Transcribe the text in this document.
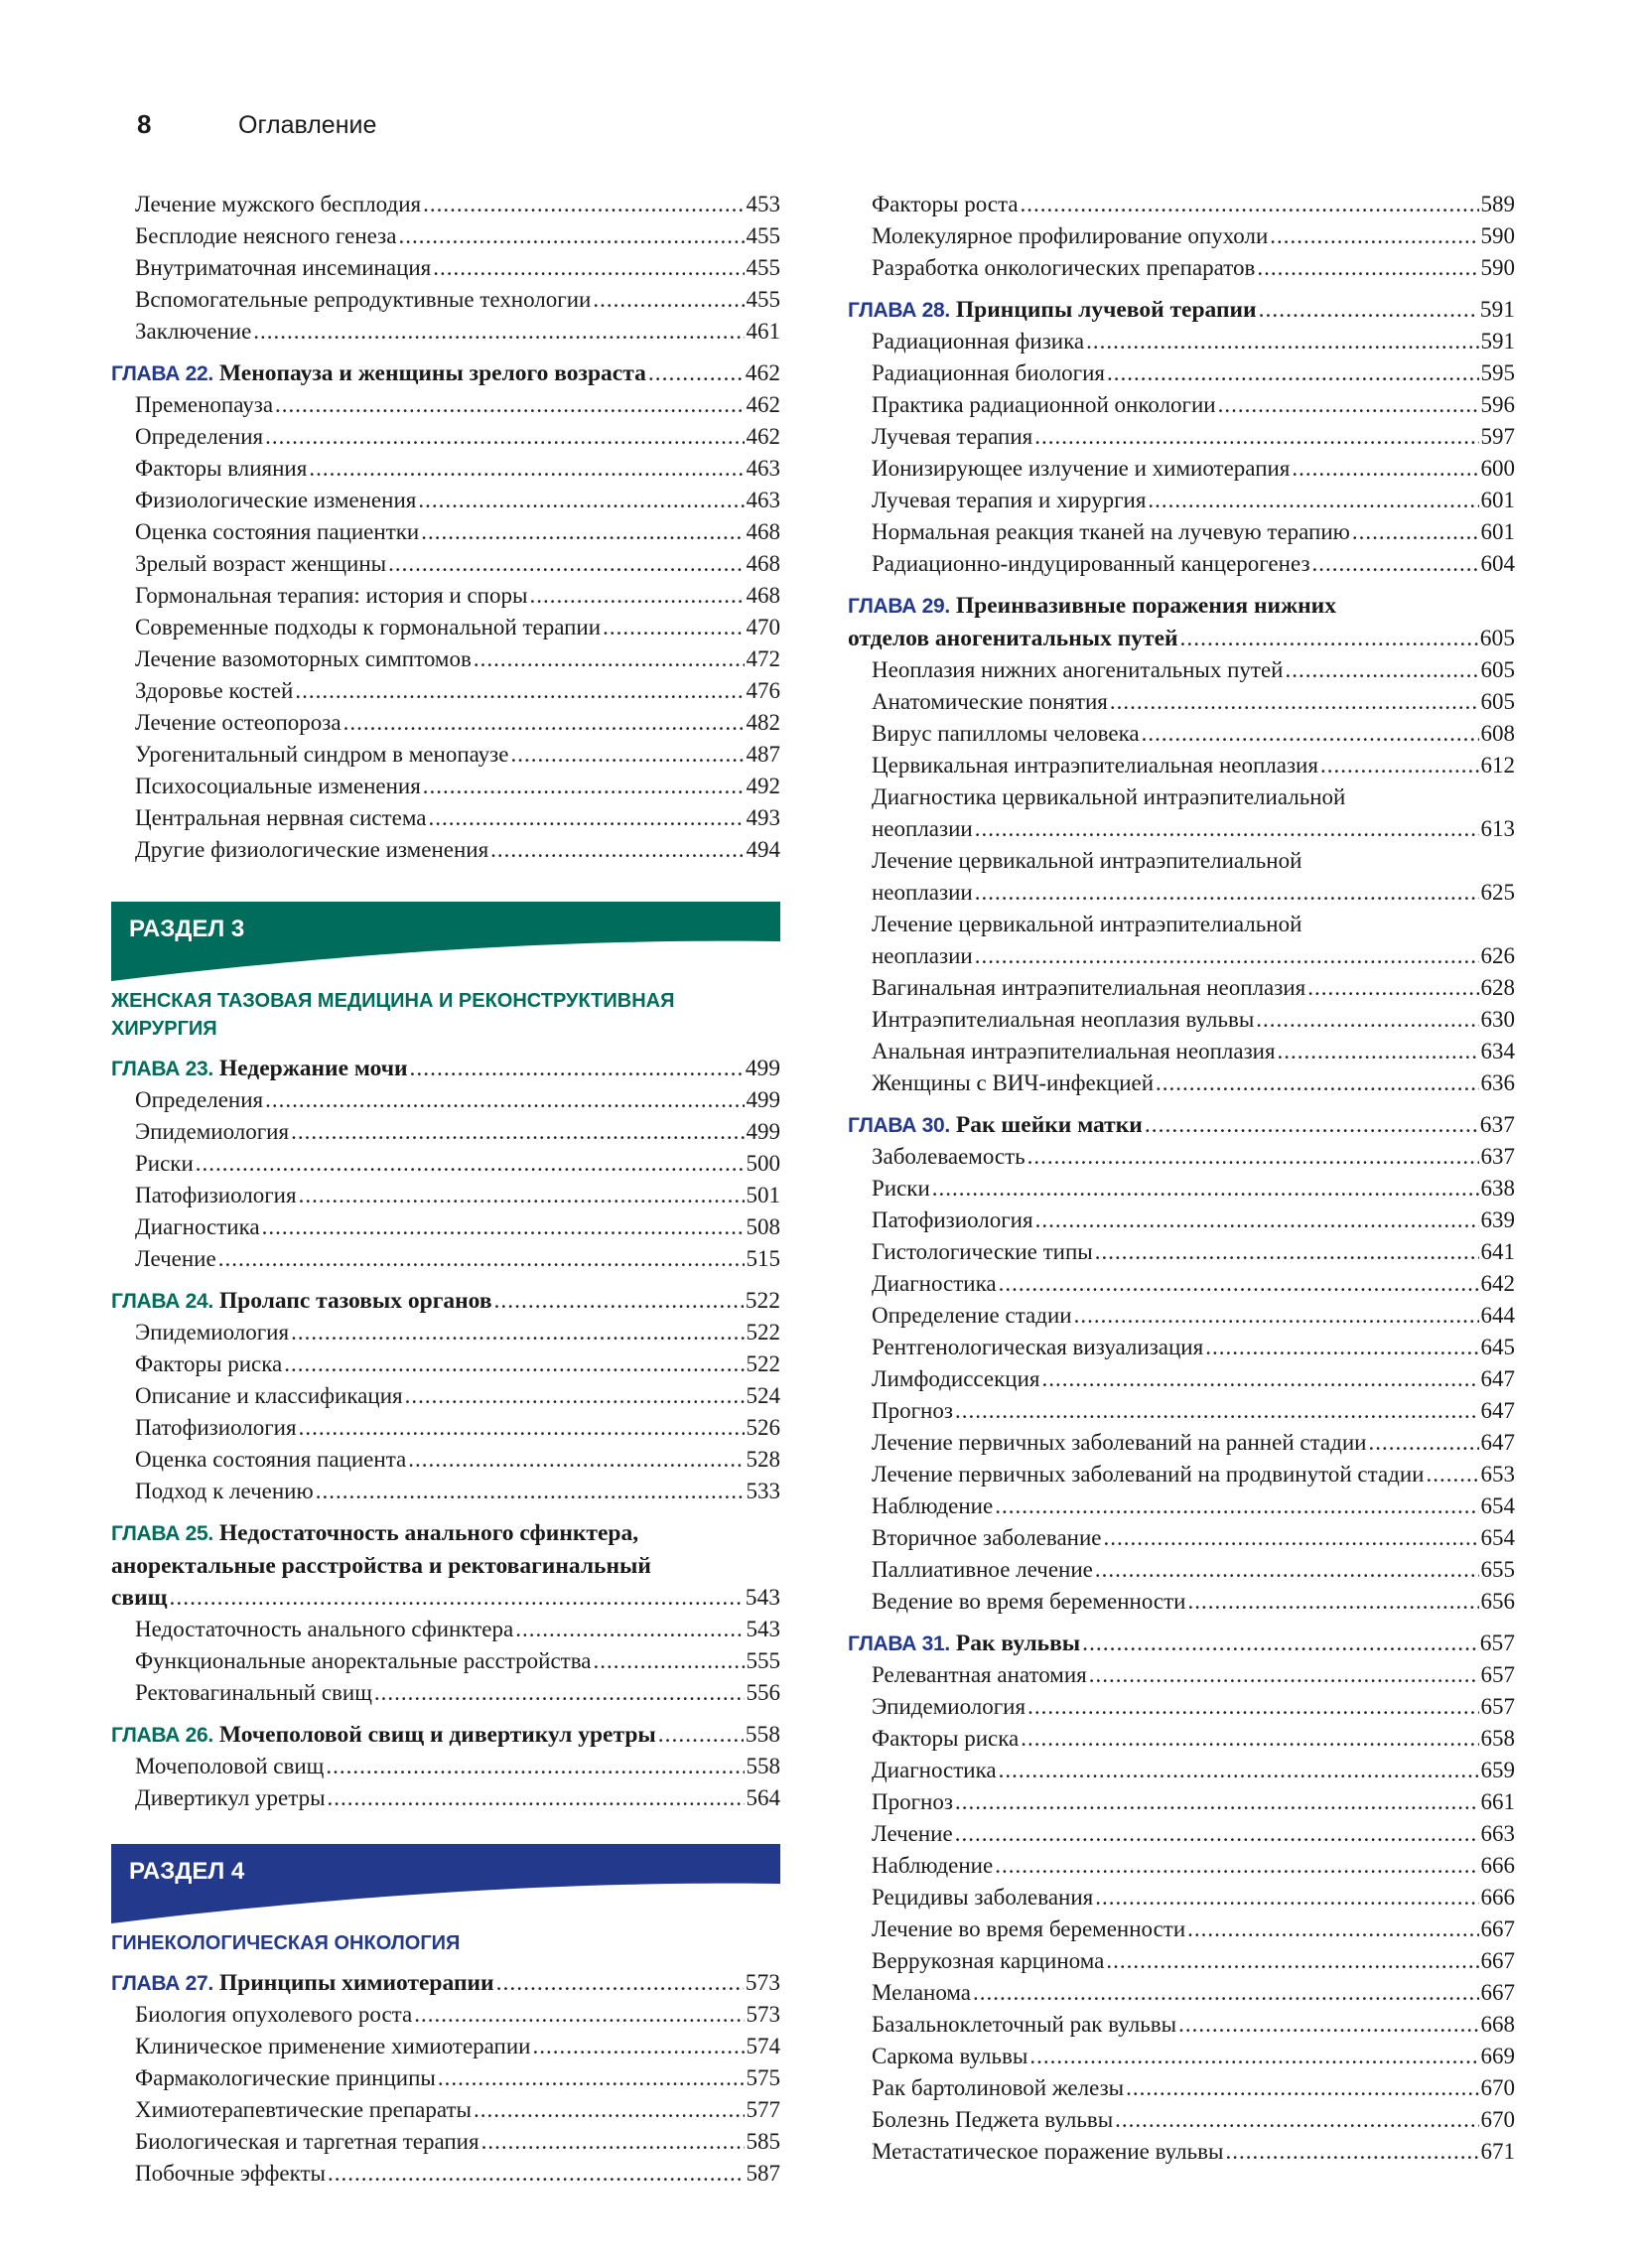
8	Оглавление
Лечение мужского бесплодия .....	453
Бесплодие неясного генеза .....	455
Внутриматочная инсеминация .....	455
Вспомогательные репродуктивные технологии .....	455
Заключение .....	461
ГЛАВА 22. Менопауза и женщины зрелого возраста .....	462
Пременопауза .....	462
Определения .....	462
Факторы влияния .....	463
Физиологические изменения .....	463
Оценка состояния пациентки .....	468
Зрелый возраст женщины .....	468
Гормональная терапия: история и споры .....	468
Современные подходы к гормональной терапии .....	470
Лечение вазомоторных симптомов .....	472
Здоровье костей .....	476
Лечение остеопороза .....	482
Урогенитальный синдром в менопаузе .....	487
Психосоциальные изменения .....	492
Центральная нервная система .....	493
Другие физиологические изменения .....	494
РАЗДЕЛ 3
ЖЕНСКАЯ ТАЗОВАЯ МЕДИЦИНА И РЕКОНСТРУКТИВНАЯ ХИРУРГИЯ
ГЛАВА 23. Недержание мочи .....	499
Определения .....	499
Эпидемиология .....	499
Риски .....	500
Патофизиология .....	501
Диагностика .....	508
Лечение .....	515
ГЛАВА 24. Пролапс тазовых органов .....	522
Эпидемиология .....	522
Факторы риска .....	522
Описание и классификация .....	524
Патофизиология .....	526
Оценка состояния пациента .....	528
Подход к лечению .....	533
ГЛАВА 25. Недостаточность анального сфинктера,
аноректальные расстройства и ректовагинальный
свищ .....	543
Недостаточность анального сфинктера .....	543
Функциональные аноректальные расстройства .....	555
Ректовагинальный свищ .....	556
ГЛАВА 26. Мочеполовой свищ и дивертикул уретры .....	558
Мочеполовой свищ .....	558
Дивертикул уретры .....	564
РАЗДЕЛ 4
ГИНЕКОЛОГИЧЕСКАЯ ОНКОЛОГИЯ
ГЛАВА 27. Принципы химиотерапии .....	573
Биология опухолевого роста .....	573
Клиническое применение химиотерапии .....	574
Фармакологические принципы .....	575
Химиотерапевтические препараты .....	577
Биологическая и таргетная терапия .....	585
Побочные эффекты .....	587
Факторы роста .....	589
Молекулярное профилирование опухоли .....	590
Разработка онкологических препаратов .....	590
ГЛАВА 28. Принципы лучевой терапии .....	591
Радиационная физика .....	591
Радиационная биология .....	595
Практика радиационной онкологии .....	596
Лучевая терапия .....	597
Ионизирующее излучение и химиотерапия .....	600
Лучевая терапия и хирургия .....	601
Нормальная реакция тканей на лучевую терапию .....	601
Радиационно-индуцированный канцерогенез .....	604
ГЛАВА 29. Преинвазивные поражения нижних
отделов аногенитальных путей .....	605
Неоплазия нижних аногенитальных путей .....	605
Анатомические понятия .....	605
Вирус папилломы человека .....	608
Цервикальная интраэпителиальная неоплазия .....	612
Диагностика цервикальной интраэпителиальной
неоплазии .....	613
Лечение цервикальной интраэпителиальной
неоплазии .....	625
Лечение цервикальной интраэпителиальной
неоплазии .....	626
Вагинальная интраэпителиальная неоплазия .....	628
Интраэпителиальная неоплазия вульвы .....	630
Анальная интраэпителиальная неоплазия .....	634
Женщины с ВИЧ-инфекцией .....	636
ГЛАВА 30. Рак шейки матки .....	637
Заболеваемость .....	637
Риски .....	638
Патофизиология .....	639
Гистологические типы .....	641
Диагностика .....	642
Определение стадии .....	644
Рентгенологическая визуализация .....	645
Лимфодиссекция .....	647
Прогноз .....	647
Лечение первичных заболеваний на ранней стадии .....	647
Лечение первичных заболеваний на продвинутой стадии ..... 653
Наблюдение .....	654
Вторичное заболевание .....	654
Паллиативное лечение .....	655
Ведение во время беременности .....	656
ГЛАВА 31. Рак вульвы .....	657
Релевантная анатомия .....	657
Эпидемиология .....	657
Факторы риска .....	658
Диагностика .....	659
Прогноз .....	661
Лечение .....	663
Наблюдение .....	666
Рецидивы заболевания .....	666
Лечение во время беременности .....	667
Веррукозная карцинома .....	667
Меланома .....	667
Базальноклеточный рак вульвы .....	668
Саркома вульвы .....	669
Рак бартолиновой железы .....	670
Болезнь Педжета вульвы .....	670
Метастатическое поражение вульвы .....	671
